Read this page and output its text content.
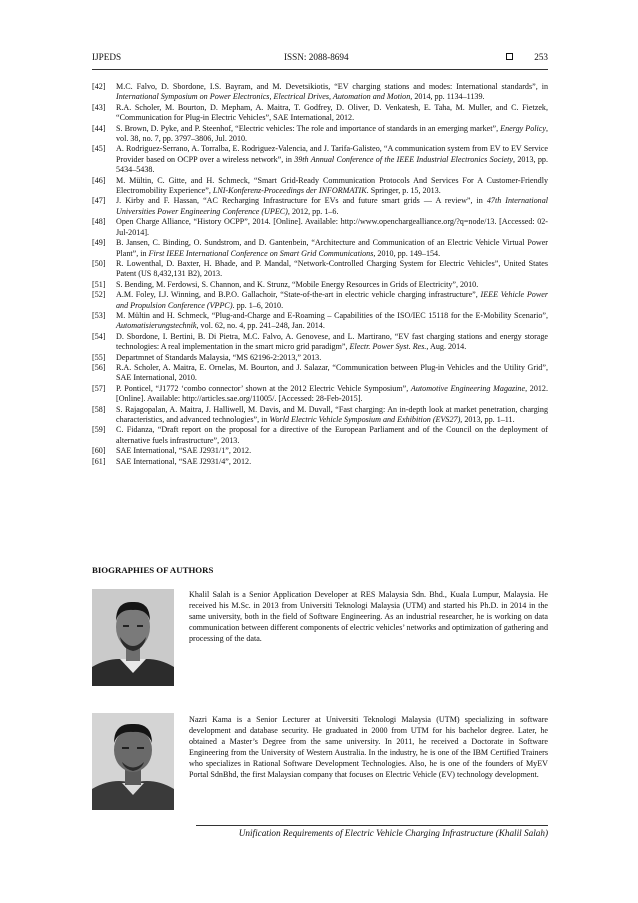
IJPEDS	ISSN: 2088-8694	253
[42] M.C. Falvo, D. Sbordone, I.S. Bayram, and M. Devetsikiotis, “EV charging stations and modes: International standards”, in International Symposium on Power Electronics, Electrical Drives, Automation and Motion, 2014, pp. 1134–1139.
[43] R.A. Scholer, M. Bourton, D. Mepham, A. Maitra, T. Godfrey, D. Oliver, D. Venkatesh, E. Taha, M. Muller, and C. Fietzek, “Communication for Plug-in Electric Vehicles”, SAE International, 2012.
[44] S. Brown, D. Pyke, and P. Steenhof, “Electric vehicles: The role and importance of standards in an emerging market”, Energy Policy, vol. 38, no. 7, pp. 3797–3806, Jul. 2010.
[45] A. Rodriguez-Serrano, A. Torralba, E. Rodriguez-Valencia, and J. Tarifa-Galisteo, “A communication system from EV to EV Service Provider based on OCPP over a wireless network”, in 39th Annual Conference of the IEEE Industrial Electronics Society, 2013, pp. 5434–5438.
[46] M. Mültin, C. Gitte, and H. Schmeck, “Smart Grid-Ready Communication Protocols And Services For A Customer-Friendly Electromobility Experience”, LNI-Konferenz-Proceedings der INFORMATIK. Springer, p. 15, 2013.
[47] J. Kirby and F. Hassan, “AC Recharging Infrastructure for EVs and future smart grids — A review”, in 47th International Universities Power Engineering Conference (UPEC), 2012, pp. 1–6.
[48] Open Charge Alliance, “History OCPP”, 2014. [Online]. Available: http://www.openchargealliance.org/?q=node/13. [Accessed: 02-Jul-2014].
[49] B. Jansen, C. Binding, O. Sundstrom, and D. Gantenbein, “Architecture and Communication of an Electric Vehicle Virtual Power Plant”, in First IEEE International Conference on Smart Grid Communications, 2010, pp. 149–154.
[50] R. Lowenthal, D. Baxter, H. Bhade, and P. Mandal, “Network-Controlled Charging System for Electric Vehicles”, United States Patent (US 8,432,131 B2), 2013.
[51] S. Bending, M. Ferdowsi, S. Channon, and K. Strunz, “Mobile Energy Resources in Grids of Electricity”, 2010.
[52] A.M. Foley, I.J. Winning, and B.P.O. Gallachoir, “State-of-the-art in electric vehicle charging infrastructure”, IEEE Vehicle Power and Propulsion Conference (VPPC). pp. 1–6, 2010.
[53] M. Mültin and H. Schmeck, “Plug-and-Charge and E-Roaming – Capabilities of the ISO/IEC 15118 for the E-Mobility Scenario”, Automatisierungstechnik, vol. 62, no. 4, pp. 241–248, Jan. 2014.
[54] D. Sbordone, I. Bertini, B. Di Pietra, M.C. Falvo, A. Genovese, and L. Martirano, “EV fast charging stations and energy storage technologies: A real implementation in the smart micro grid paradigm”, Electr. Power Syst. Res., Aug. 2014.
[55] Departmnet of Standards Malaysia, “MS 62196-2:2013,” 2013.
[56] R.A. Scholer, A. Maitra, E. Ornelas, M. Bourton, and J. Salazar, “Communication between Plug-in Vehicles and the Utility Grid”, SAE International, 2010.
[57] P. Ponticel, “J1772 ‘combo connector’ shown at the 2012 Electric Vehicle Symposium”, Automotive Engineering Magazine, 2012. [Online]. Available: http://articles.sae.org/11005/. [Accessed: 28-Feb-2015].
[58] S. Rajagopalan, A. Maitra, J. Halliwell, M. Davis, and M. Duvall, “Fast charging: An in-depth look at market penetration, charging characteristics, and advanced technologies”, in World Electric Vehicle Symposium and Exhibition (EVS27), 2013, pp. 1–11.
[59] C. Fidanza, “Draft report on the proposal for a directive of the European Parliament and of the Council on the deployment of alternative fuels infrastructure”, 2013.
[60] SAE International, “SAE J2931/1”, 2012.
[61] SAE International, “SAE J2931/4”, 2012.
BIOGRAPHIES OF AUTHORS
Khalil Salah is a Senior Application Developer at RES Malaysia Sdn. Bhd., Kuala Lumpur, Malaysia. He received his M.Sc. in 2013 from Universiti Teknologi Malaysia (UTM) and started his Ph.D. in 2014 in the same university, both in the field of Software Engineering. As an industrial researcher, he is working on data communication between different components of electric vehicles’ networks and optimization of gathering and processing of the data.
Nazri Kama is a Senior Lecturer at Universiti Teknologi Malaysia (UTM) specializing in software development and database security. He graduated in 2000 from UTM for his bachelor degree. Later, he obtained a Master’s Degree from the same university. In 2011, he received a Doctorate in Software Engineering from the University of Western Australia. In the industry, he is one of the IBM Certified Trainers who specializes in Rational Software Development Technologies. Also, he is one of the founders of MyEV Portal SdnBhd, the first Malaysian company that focuses on Electric Vehicle (EV) technology development.
Unification Requirements of Electric Vehicle Charging Infrastructure (Khalil Salah)
